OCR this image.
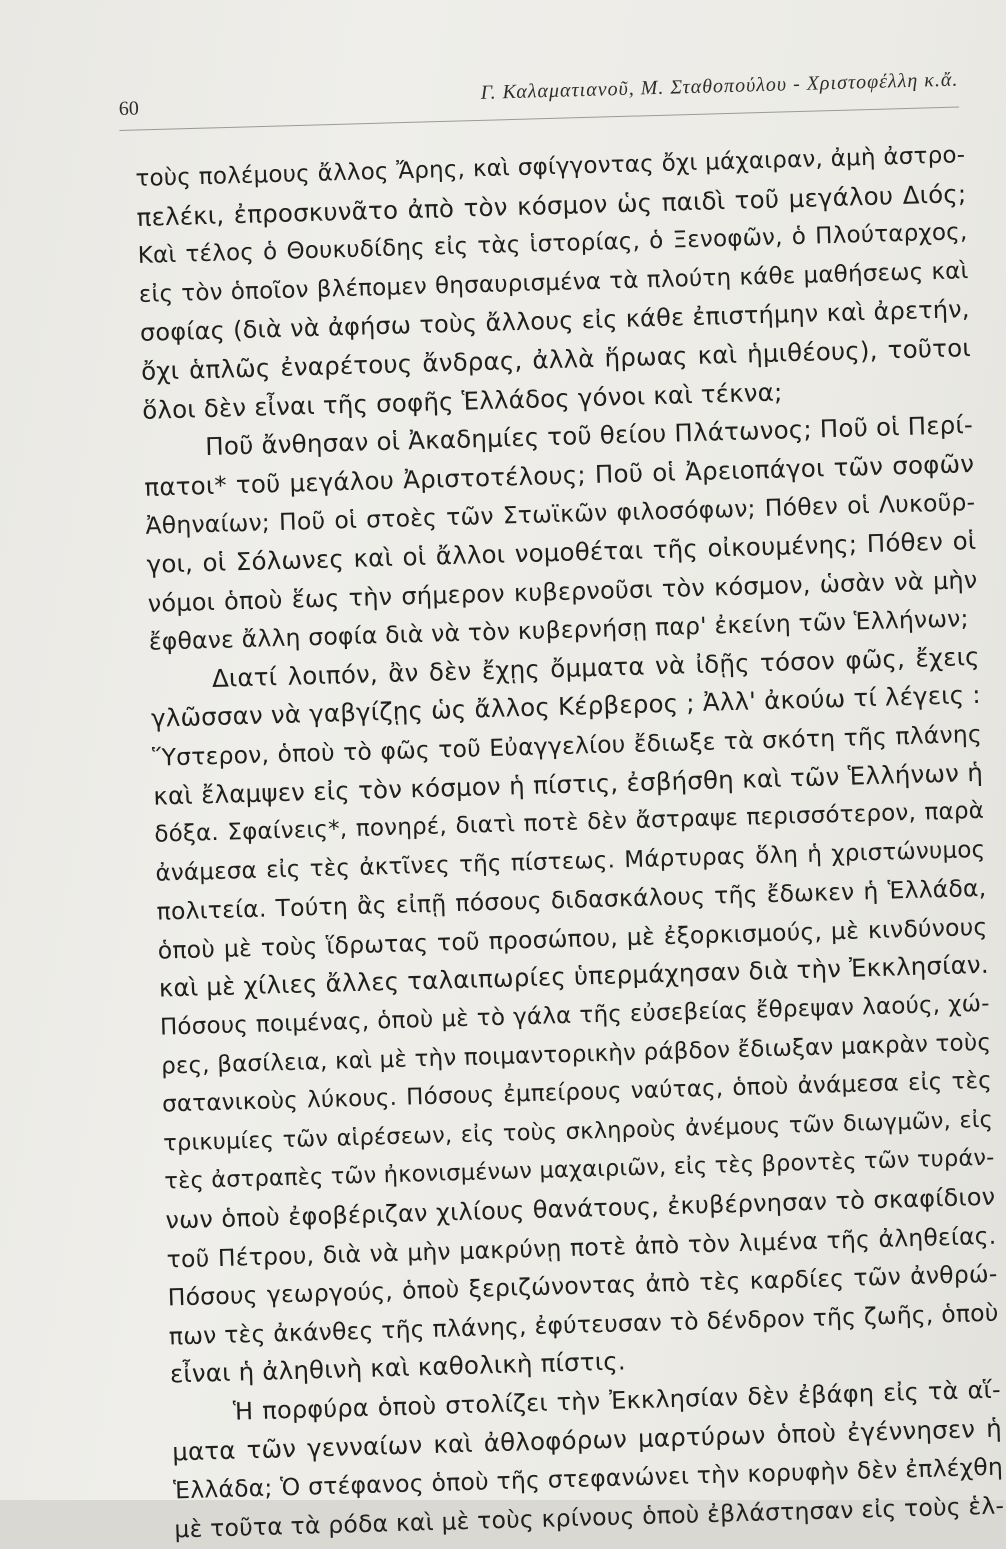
60
Γ. Καλαματιανοῦ, Μ. Σταθοπούλου - Χριστοφέλλη κ.ἄ.
τοὺς πολέμους ἄλλος Ἄρης, καὶ σφίγγοντας ὄχι μάχαιραν, ἀμὴ ἀστρο-
πελέκι, ἐπροσκυνᾶτο ἀπὸ τὸν κόσμον ὡς παιδὶ τοῦ μεγάλου Διός;
Καὶ τέλος ὁ Θουκυδίδης εἰς τὰς ἱστορίας, ὁ Ξενοφῶν, ὁ Πλούταρχος,
εἰς τὸν ὁποῖον βλέπομεν θησαυρισμένα τὰ πλούτη κάθε μαθήσεως καὶ
σοφίας (διὰ νὰ ἀφήσω τοὺς ἄλλους εἰς κάθε ἐπιστήμην καὶ ἀρετήν,
ὄχι ἁπλῶς ἐναρέτους ἄνδρας, ἀλλὰ ἥρωας καὶ ἡμιθέους), τοῦτοι
ὅλοι δὲν εἶναι τῆς σοφῆς Ἑλλάδος γόνοι καὶ τέκνα;
Ποῦ ἄνθησαν οἱ Ἀκαδημίες τοῦ θείου Πλάτωνος; Ποῦ οἱ Περί-
πατοι* τοῦ μεγάλου Ἀριστοτέλους; Ποῦ οἱ Ἀρειοπάγοι τῶν σοφῶν
Ἀθηναίων; Ποῦ οἱ στοὲς τῶν Στωϊκῶν φιλοσόφων; Πόθεν οἱ Λυκοῦρ-
γοι, οἱ Σόλωνες καὶ οἱ ἄλλοι νομοθέται τῆς οἰκουμένης; Πόθεν οἱ
νόμοι ὁποὺ ἕως τὴν σήμερον κυβερνοῦσι τὸν κόσμον, ὡσὰν νὰ μὴν
ἔφθανε ἄλλη σοφία διὰ νὰ τὸν κυβερνήσῃ παρ' ἐκείνη τῶν Ἑλλήνων;
Διατί λοιπόν, ἂν δὲν ἔχῃς ὄμματα νὰ ἰδῇς τόσον φῶς, ἔχεις
γλῶσσαν νὰ γαβγίζῃς ὡς ἄλλος Κέρβερος ; Ἀλλ' ἀκούω τί λέγεις :
Ὕστερον, ὁποὺ τὸ φῶς τοῦ Εὐαγγελίου ἔδιωξε τὰ σκότη τῆς πλάνης
καὶ ἔλαμψεν εἰς τὸν κόσμον ἡ πίστις, ἐσβήσθη καὶ τῶν Ἑλλήνων ἡ
δόξα. Σφαίνεις*, πονηρέ, διατὶ ποτὲ δὲν ἄστραψε περισσότερον, παρὰ
ἀνάμεσα εἰς τὲς ἀκτῖνες τῆς πίστεως. Μάρτυρας ὅλη ἡ χριστώνυμος
πολιτεία. Τούτη ἂς εἰπῇ πόσους διδασκάλους τῆς ἔδωκεν ἡ Ἑλλάδα,
ὁποὺ μὲ τοὺς ἵδρωτας τοῦ προσώπου, μὲ ἐξορκισμούς, μὲ κινδύνους
καὶ μὲ χίλιες ἄλλες ταλαιπωρίες ὑπερμάχησαν διὰ τὴν Ἐκκλησίαν.
Πόσους ποιμένας, ὁποὺ μὲ τὸ γάλα τῆς εὐσεβείας ἔθρεψαν λαούς, χώ-
ρες, βασίλεια, καὶ μὲ τὴν ποιμαντορικὴν ράβδον ἔδιωξαν μακρὰν τοὺς
σατανικοὺς λύκους. Πόσους ἐμπείρους ναύτας, ὁποὺ ἀνάμεσα εἰς τὲς
τρικυμίες τῶν αἱρέσεων, εἰς τοὺς σκληροὺς ἀνέμους τῶν διωγμῶν, εἰς
τὲς ἀστραπὲς τῶν ἠκονισμένων μαχαιριῶν, εἰς τὲς βροντὲς τῶν τυράν-
νων ὁποὺ ἐφοβέριζαν χιλίους θανάτους, ἐκυβέρνησαν τὸ σκαφίδιον
τοῦ Πέτρου, διὰ νὰ μὴν μακρύνῃ ποτὲ ἀπὸ τὸν λιμένα τῆς ἀληθείας.
Πόσους γεωργούς, ὁποὺ ξεριζώνοντας ἀπὸ τὲς καρδίες τῶν ἀνθρώ-
πων τὲς ἀκάνθες τῆς πλάνης, ἐφύτευσαν τὸ δένδρον τῆς ζωῆς, ὁποὺ
εἶναι ἡ ἀληθινὴ καὶ καθολικὴ πίστις.
Ἡ πορφύρα ὁποὺ στολίζει τὴν Ἐκκλησίαν δὲν ἐβάφη εἰς τὰ αἵ-
ματα τῶν γενναίων καὶ ἀθλοφόρων μαρτύρων ὁποὺ ἐγέννησεν ἡ
Ἑλλάδα; Ὁ στέφανος ὁποὺ τῆς στεφανώνει τὴν κορυφὴν δὲν ἐπλέχθη
μὲ τοῦτα τὰ ρόδα καὶ μὲ τοὺς κρίνους ὁποὺ ἐβλάστησαν εἰς τοὺς ἑλ-
